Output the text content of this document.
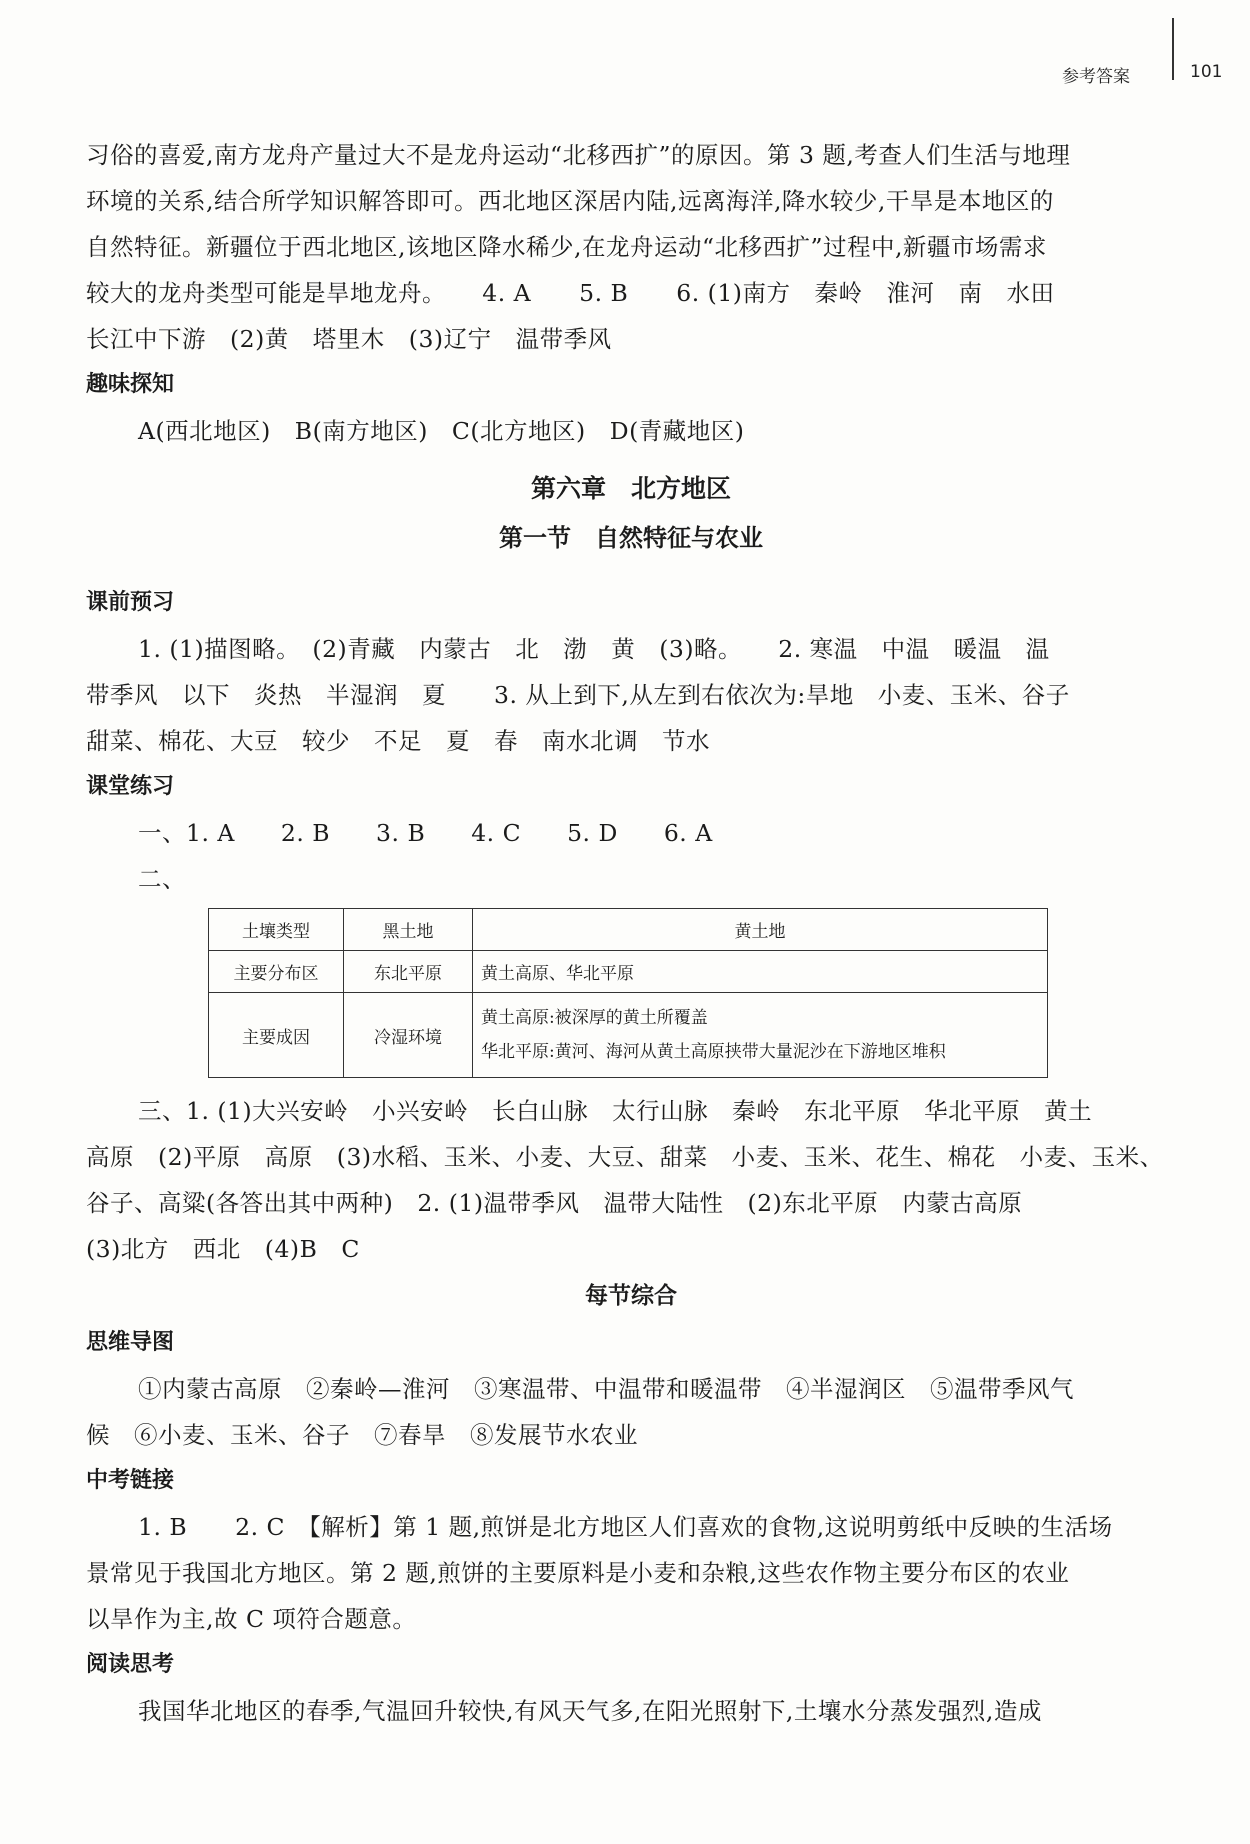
参考答案	101

习俗的喜爱,南方龙舟产量过大不是龙舟运动“北移西扩”的原因。第 3 题,考查人们生活与地理

环境的关系,结合所学知识解答即可。西北地区深居内陆,远离海洋,降水较少,干旱是本地区的

自然特征。新疆位于西北地区,该地区降水稀少,在龙舟运动“北移西扩”过程中,新疆市场需求

较大的龙舟类型可能是旱地龙舟。　　4. A　　5. B　　6. (1)南方　秦岭　淮河　南　水田

长江中下游　(2)黄　塔里木　(3)辽宁　温带季风

趣味探知

A(西北地区)　B(南方地区)　C(北方地区)　D(青藏地区)

第六章　北方地区

第一节　自然特征与农业

课前预习

1. (1)描图略。　(2)青藏　内蒙古　北　渤　黄　(3)略。　　2. 寒温　中温　暖温　温

带季风　以下　炎热　半湿润　夏　　3. 从上到下,从左到右依次为:旱地　小麦、玉米、谷子

甜菜、棉花、大豆　较少　不足　夏　春　南水北调　节水

课堂练习

一、1. A 2. B 3. B 4. C 5. D 6. A

二、

土壤类型	黑土地	黄土地
主要分布区	东北平原	黄土高原、华北平原
主要成因	冷湿环境	黄土高原:被深厚的黄土所覆盖
华北平原:黄河、海河从黄土高原挟带大量泥沙在下游地区堆积

三、1. (1)大兴安岭　小兴安岭　长白山脉　太行山脉　秦岭　东北平原　华北平原　黄土

高原　(2)平原　高原　(3)水稻、玉米、小麦、大豆、甜菜　小麦、玉米、花生、棉花　小麦、玉米、

谷子、高粱(各答出其中两种)　2. (1)温带季风　温带大陆性　(2)东北平原　内蒙古高原

(3)北方　西北　(4)B　C

每节综合

思维导图

①内蒙古高原　②秦岭—淮河　③寒温带、中温带和暖温带　④半湿润区　⑤温带季风气

候　⑥小麦、玉米、谷子　⑦春旱　⑧发展节水农业

中考链接

1. B　　2. C　【解析】第 1 题,煎饼是北方地区人们喜欢的食物,这说明剪纸中反映的生活场

景常见于我国北方地区。第 2 题,煎饼的主要原料是小麦和杂粮,这些农作物主要分布区的农业

以旱作为主,故 C 项符合题意。

阅读思考

我国华北地区的春季,气温回升较快,有风天气多,在阳光照射下,土壤水分蒸发强烈,造成
